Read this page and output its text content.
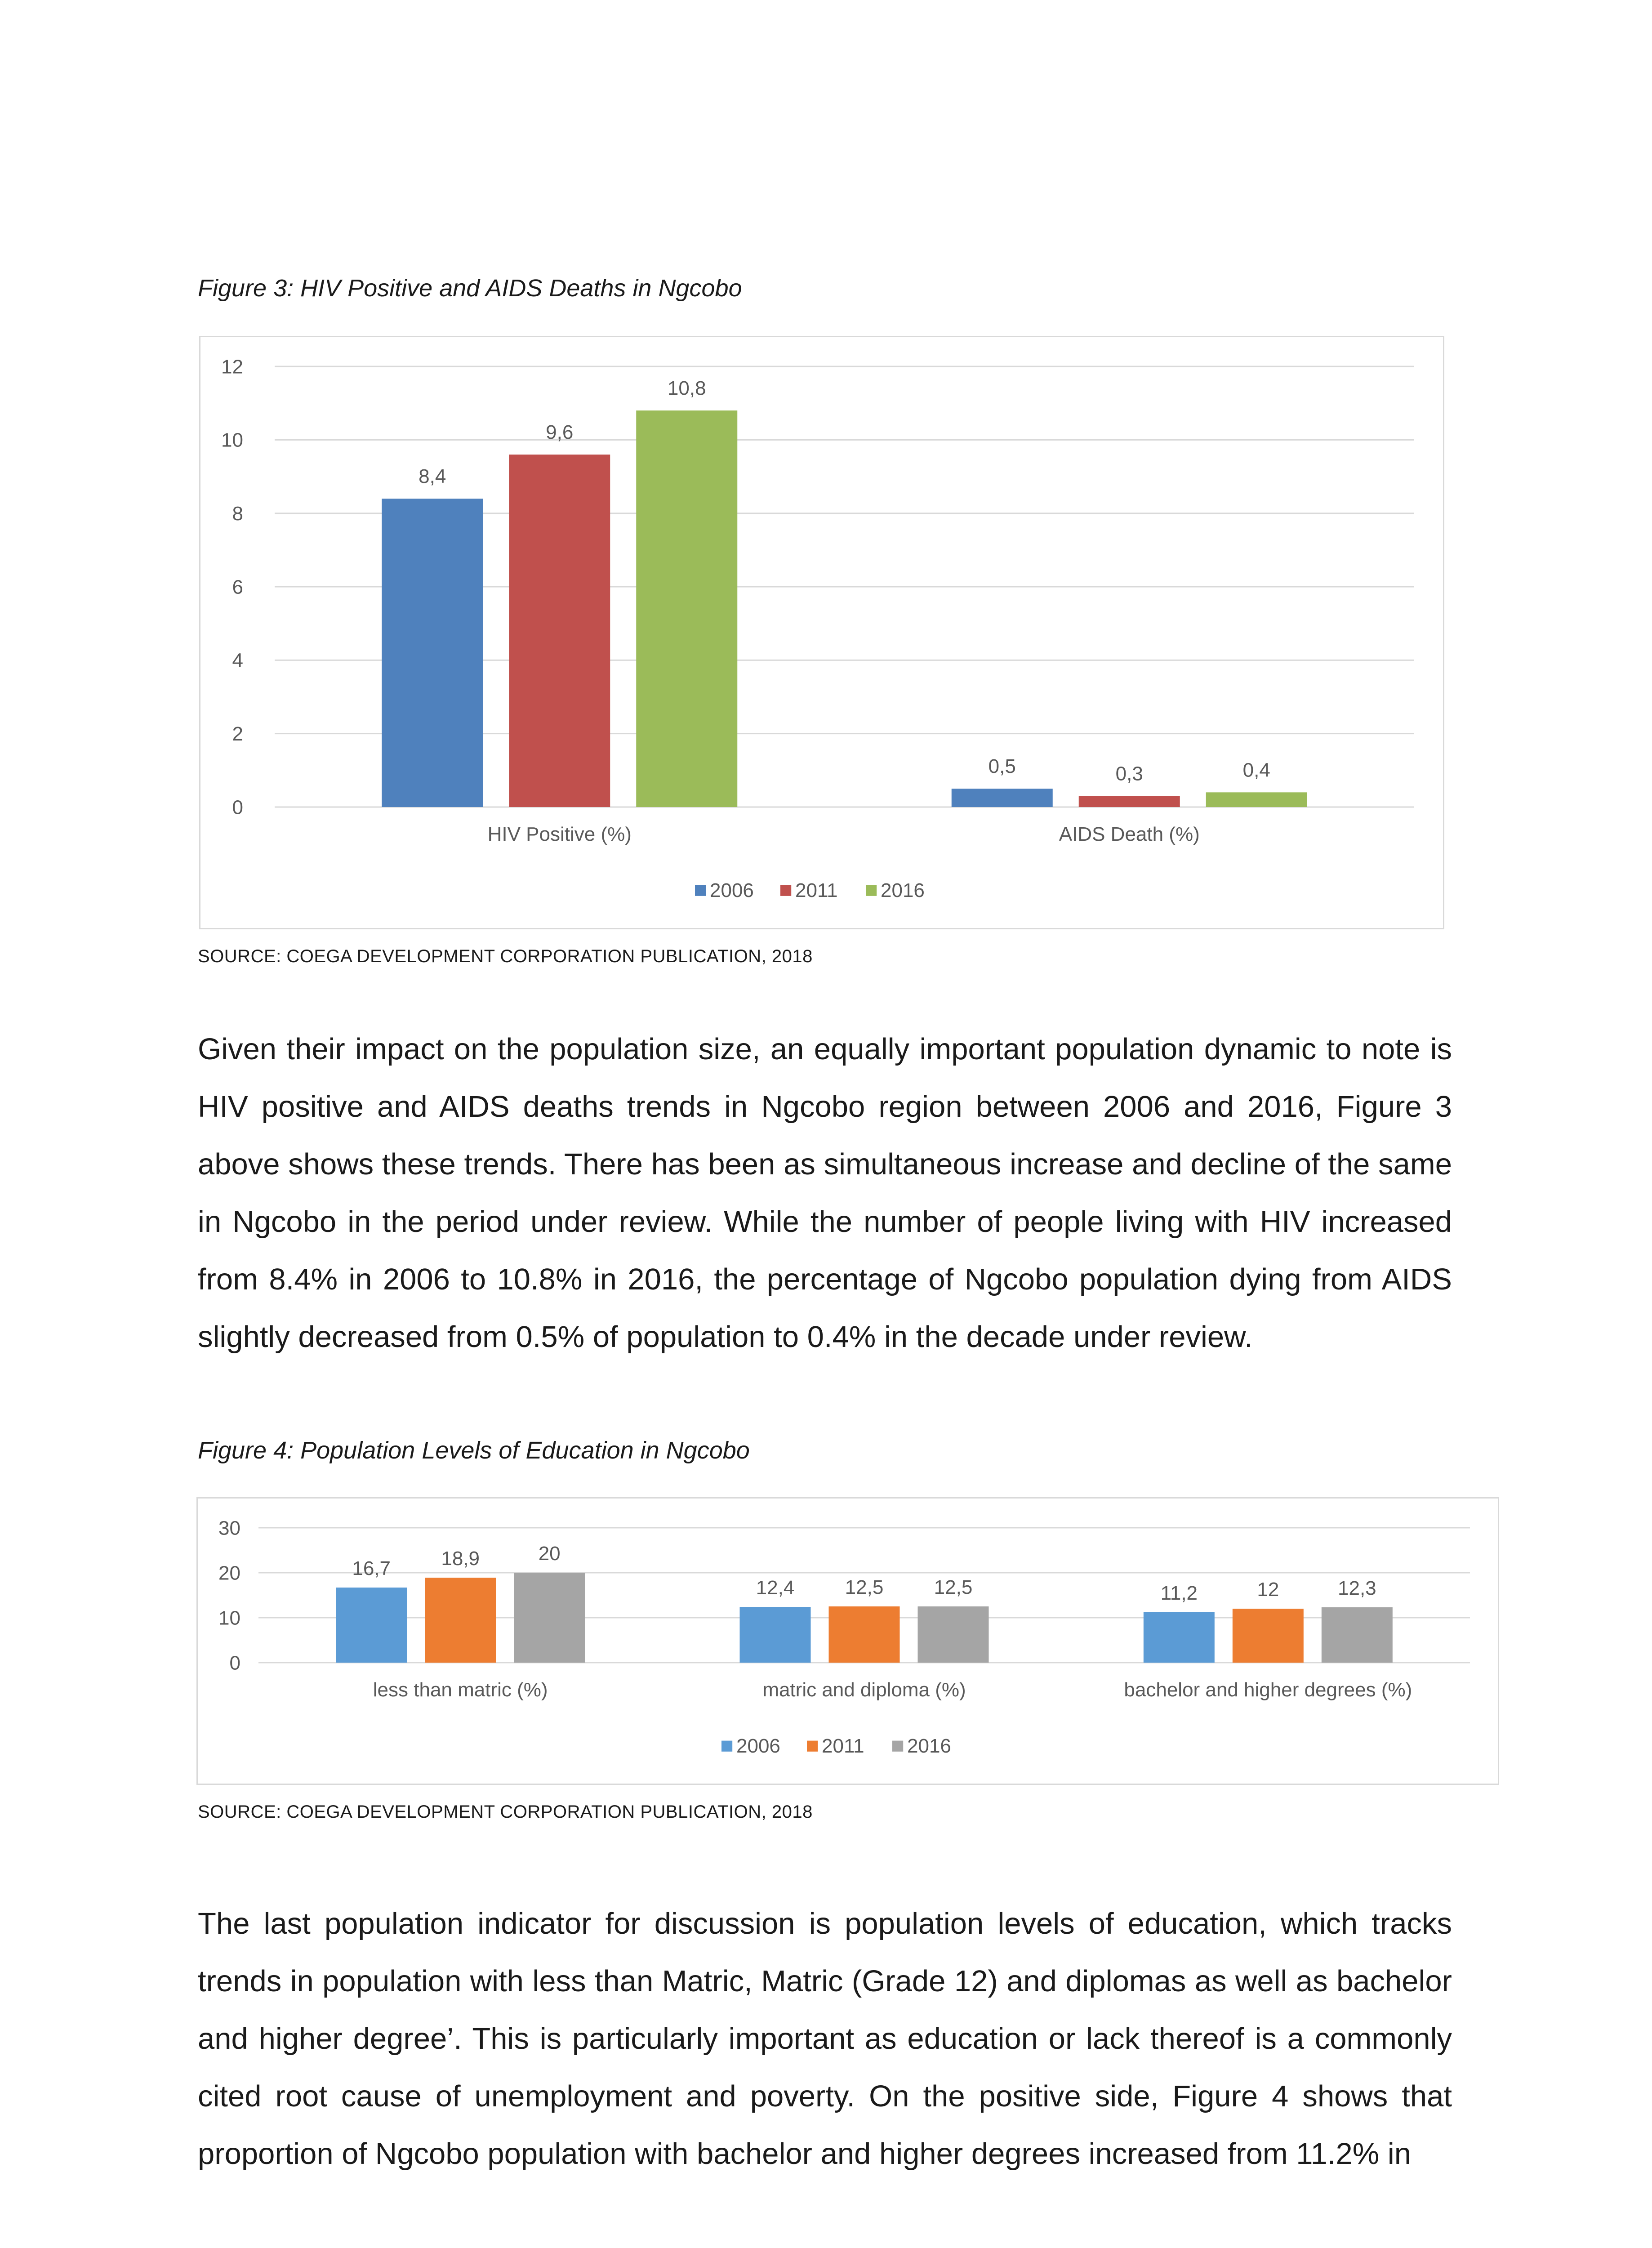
Figure 3: HIV Positive and AIDS Deaths in Ngcobo
0
2
4
6
8
10
12
8,4
9,6
10,8
HIV Positive (%)
0,5	0,3	0,4
AIDS Death (%)
2006 2011 2016
SOURCE: COEGA DEVELOPMENT CORPORATION PUBLICATION, 2018

Given their impact on the population size, an equally important population dynamic to note is HIV positive and AIDS deaths trends in Ngcobo region between 2006 and 2016, Figure 3 above shows these trends. There has been as simultaneous increase and decline of the same in Ngcobo in the period under review. While the number of people living with HIV increased from 8.4% in 2006 to 10.8% in 2016, the percentage of Ngcobo population dying from AIDS slightly decreased from 0.5% of population to 0.4% in the decade under review.

Figure 4: Population Levels of Education in Ngcobo
0
10
20
30
16,7	18,9	20
less than matric (%)
12,4	12,5	12,5
matric and diploma (%)
11,2	12	12,3
bachelor and higher degrees (%)
2006 2011 2016
SOURCE: COEGA DEVELOPMENT CORPORATION PUBLICATION, 2018

The last population indicator for discussion is population levels of education, which tracks trends in population with less than Matric, Matric (Grade 12) and diplomas as well as bachelor and higher degree’. This is particularly important as education or lack thereof is a commonly cited root cause of unemployment and poverty. On the positive side, Figure 4 shows that proportion of Ngcobo population with bachelor and higher degrees increased from 11.2% in
